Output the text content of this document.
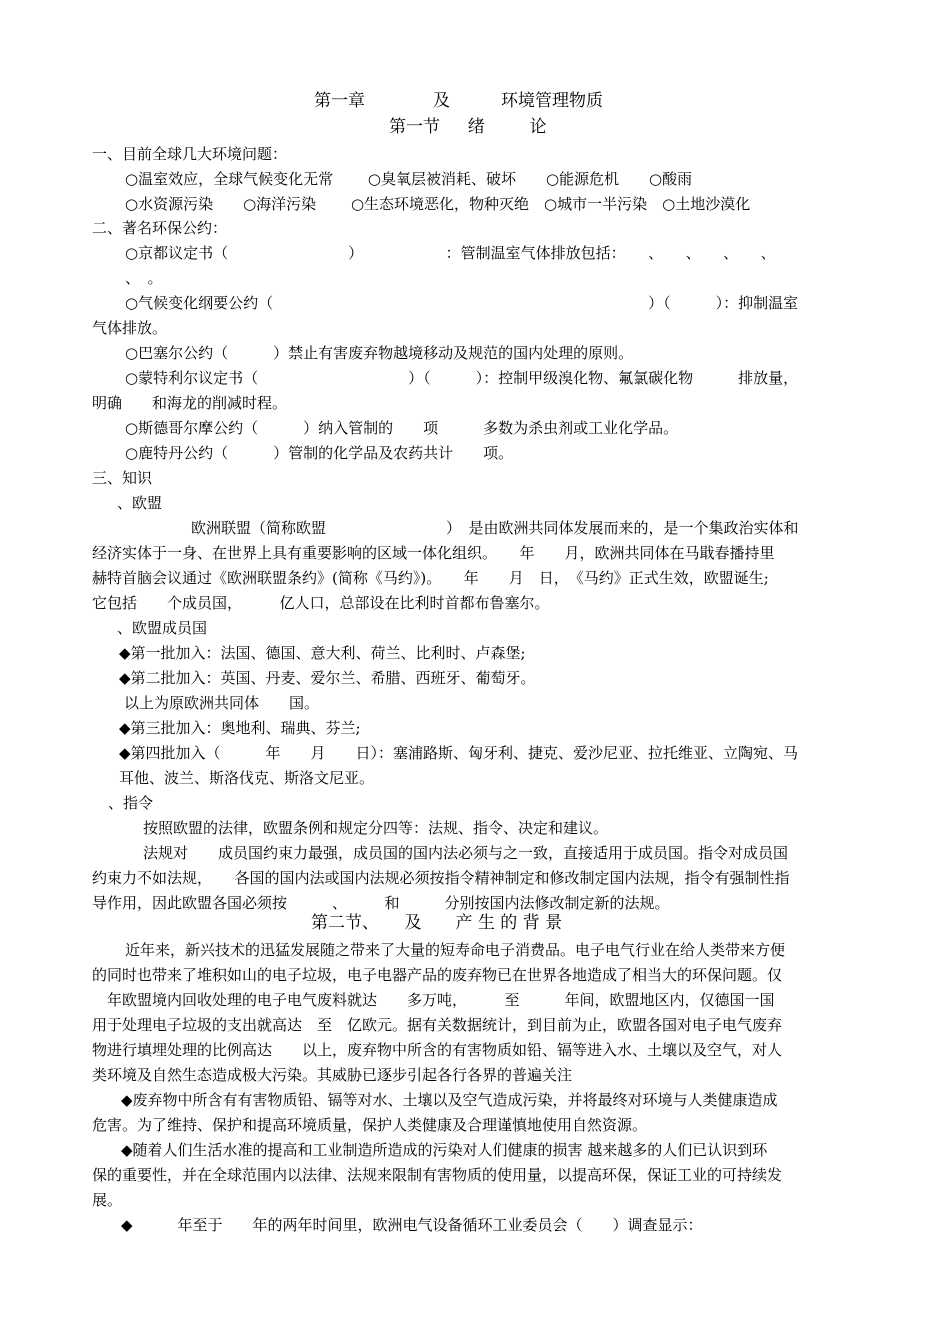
第一章　　　　及　　　环境管理物质
第一节　  绪　　  论
一、目前全球几大环境问题：
○温室效应，全球气候变化无常　　 ○臭氧层被消耗、破坏　　○能源危机　　○酸雨
○水资源污染　　○海洋污染　　 ○生态环境恶化，物种灭绝　○城市一半污染　○土地沙漠化
二、著名环保公约：
○京都议定书（　　　　　　　　）　　　　　　：管制温室气体排放包括：　　、　　、　　、　　、
、　。
○气候变化纲要公约（　　　　　　　　　　　　　　　　　　　　　　　　　）（　　　）：抑制温室
气体排放。
○巴塞尔公约（　　　）禁止有害废弃物越境移动及规范的国内处理的原则。
○蒙特利尔议定书（　　　　　　　　　　）（　　　）：控制甲级溴化物、氟氯碳化物　　　排放量，
明确　　和海龙的削减时程。
○斯德哥尔摩公约（　　　）纳入管制的　　项　　　多数为杀虫剂或工业化学品。
○鹿特丹公约（　　　）管制的化学品及农药共计　　项。
三、知识
、欧盟
欧洲联盟（简称欧盟　　　　　　　　）　是由欧洲共同体发展而来的，是一个集政治实体和
经济实体于一身、在世界上具有重要影响的区域一体化组织。　　年　　月，欧洲共同体在马戢春播持里
赫特首脑会议通过《欧洲联盟条约》(简称《马约》)。　　年　　月　日，　《马约》正式生效，欧盟诞生;
它包括　　个成员国，　　　亿人口，总部设在比利时首都布鲁塞尔。
、欧盟成员国
◆第一批加入：法国、德国、意大利、荷兰、比利时、卢森堡;
◆第二批加入：英国、丹麦、爱尔兰、希腊、西班牙、葡萄牙。
以上为原欧洲共同体　　国。
◆第三批加入：奥地利、瑞典、芬兰;
◆第四批加入（　　　年　　月　　日）：塞浦路斯、匈牙利、捷克、爱沙尼亚、拉托维亚、立陶宛、马
耳他、波兰、斯洛伐克、斯洛文尼亚。
、指令
按照欧盟的法律，欧盟条例和规定分四等：法规、指令、决定和建议。
法规对　　成员国约束力最强，成员国的国内法必须与之一致，直接适用于成员国。指令对成员国
约束力不如法规，　　各国的国内法或国内法规必须按指令精神制定和修改制定国内法规，指令有强制性指
导作用，因此欧盟各国必须按　　　、　　　和　　　分别按国内法修改制定新的法规。
第二节、　　及　　产 生 的 背 景
近年来，新兴技术的迅猛发展随之带来了大量的短寿命电子消费品。电子电气行业在给人类带来方便
的同时也带来了堆积如山的电子垃圾，电子电器产品的废弃物已在世界各地造成了相当大的环保问题。仅
　年欧盟境内回收处理的电子电气废料就达　　多万吨，　　　至　　　年间，欧盟地区内，仅德国一国
用于处理电子垃圾的支出就高达　至　亿欧元。据有关数据统计，到目前为止，欧盟各国对电子电气废弃
物进行填埋处理的比例高达　　以上，废弃物中所含的有害物质如铅、镉等进入水、土壤以及空气，对人
类环境及自然生态造成极大污染。其威胁已逐步引起各行各界的普遍关注
◆废弃物中所含有有害物质铅、镉等对水、土壤以及空气造成污染，并将最终对环境与人类健康造成
危害。为了维持、保护和提高环境质量，保护人类健康及合理谨慎地使用自然资源。
◆随着人们生活水准的提高和工业制造所造成的污染对人们健康的损害 越来越多的人们已认识到环
保的重要性，并在全球范围内以法律、法规来限制有害物质的使用量，以提高环保，保证工业的可持续发
展。
◆　　　年至于　　年的两年时间里，欧洲电气设备循环工业委员会（　　）调查显示：
